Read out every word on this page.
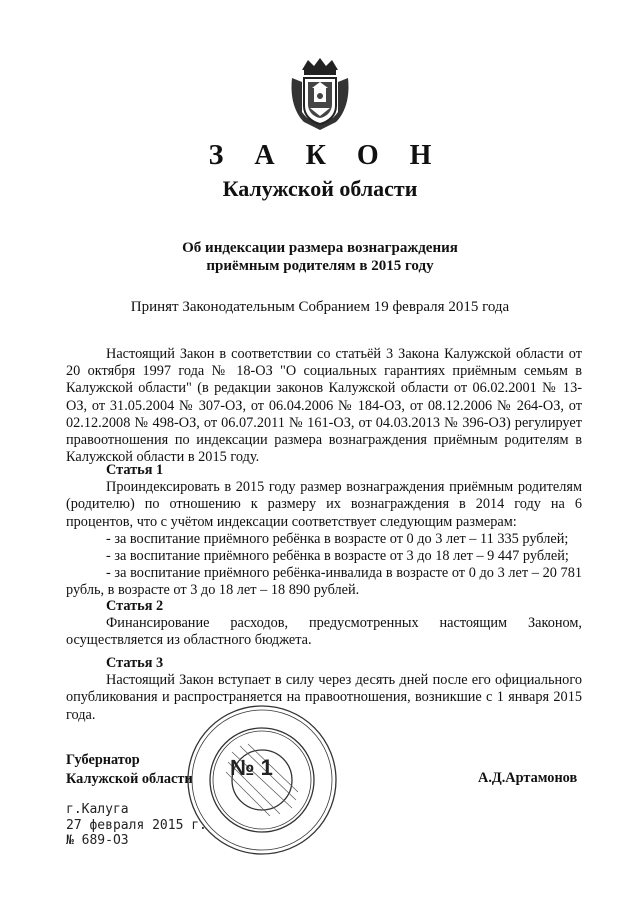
З А К О Н
Калужской области
Об индексации размера вознаграждения
приёмным родителям в 2015 году
Принят Законодательным Собранием 19 февраля 2015 года

Настоящий Закон в соответствии со статьёй 3 Закона Калужской области от 20 октября 1997 года № 18-ОЗ "О социальных гарантиях приёмным семьям в Калужской области" (в редакции законов Калужской области от 06.02.2001 № 13-ОЗ, от 31.05.2004 № 307-ОЗ, от 06.04.2006 № 184-ОЗ, от 08.12.2006 № 264-ОЗ, от 02.12.2008 № 498-ОЗ, от 06.07.2011 № 161-ОЗ, от 04.03.2013 № 396-ОЗ) регулирует правоотношения по индексации размера вознаграждения приёмным родителям в Калужской области в 2015 году.

Статья 1

Проиндексировать в 2015 году размер вознаграждения приёмным родителям (родителю) по отношению к размеру их вознаграждения в 2014 году на 6 процентов, что с учётом индексации соответствует следующим размерам:

- за воспитание приёмного ребёнка в возрасте от 0 до 3 лет – 11 335 рублей;

- за воспитание приёмного ребёнка в возрасте от 3 до 18 лет – 9 447 рублей;

- за воспитание приёмного ребёнка-инвалида в возрасте от 0 до 3 лет – 20 781 рубль, в возрасте от 3 до 18 лет – 18 890 рублей.

Статья 2

Финансирование расходов, предусмотренных настоящим Законом, осуществляется из областного бюджета.

Статья 3

Настоящий Закон вступает в силу через десять дней после его официального опубликования и распространяется на правоотношения, возникшие с 1 января 2015 года.

Губернатор
Калужской области	А.Д.Артамонов
г.Калуга
27 февраля 2015 г.
№ 689-ОЗ
№ 1
